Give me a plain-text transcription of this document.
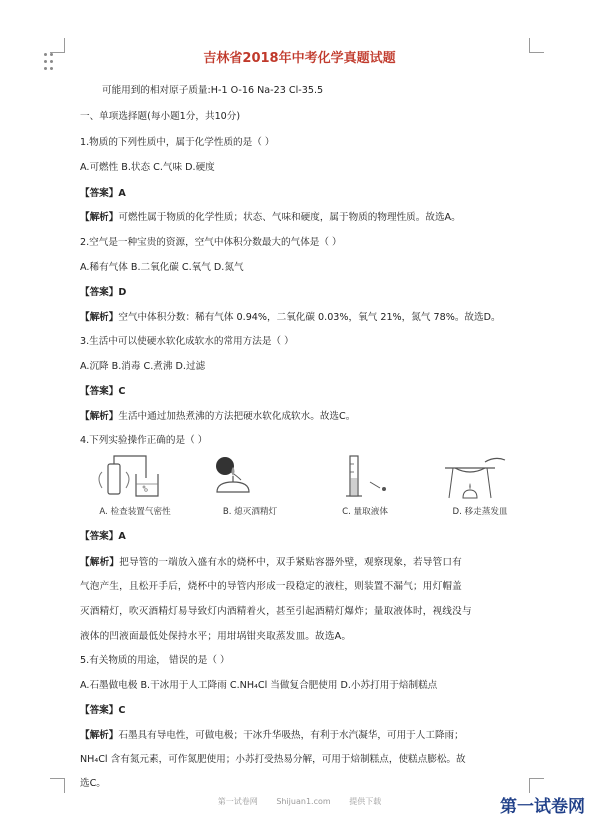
吉林省2018年中考化学真题试题
可能用到的相对原子质量:H-1 O-16 Na-23 Cl-35.5
一、单项选择题(每小题1分，共10分)
1.物质的下列性质中，属于化学性质的是（ ）
A.可燃性 B.状态 C.气味 D.硬度
【答案】A
【解析】可燃性属于物质的化学性质；状态、气味和硬度，属于物质的物理性质。故选A。
2.空气是一种宝贵的资源，空气中体积分数最大的气体是（ ）
A.稀有气体 B.二氧化碳 C.氧气 D.氮气
【答案】D
【解析】空气中体积分数：稀有气体 0.94%，二氧化碳 0.03%，氧气 21%，氮气 78%。故选D。
3.生活中可以使硬水软化成软水的常用方法是（ ）
A.沉降 B.消毒 C.煮沸 D.过滤
【答案】C
【解析】生活中通过加热煮沸的方法把硬水软化成软水。故选C。
4.下列实验操作正确的是（ ）
A. 检查装置气密性	B. 熄灭酒精灯	C. 量取液体	D. 移走蒸发皿
【答案】A
【解析】把导管的一端放入盛有水的烧杯中，双手紧贴容器外壁，观察现象，若导管口有
气泡产生，且松开手后，烧杯中的导管内形成一段稳定的液柱，则装置不漏气；用灯帽盖
灭酒精灯，吹灭酒精灯易导致灯内酒精着火，甚至引起酒精灯爆炸；量取液体时，视线没与
液体的凹液面最低处保持水平；用坩埚钳夹取蒸发皿。故选A。
5.有关物质的用途， 错误的是（ ）
A.石墨做电极 B.干冰用于人工降雨 C.NH₄Cl 当做复合肥使用 D.小苏打用于焙制糕点
【答案】C
【解析】石墨具有导电性，可做电极；干冰升华吸热，有利于水汽凝华，可用于人工降雨；
NH₄Cl 含有氮元素，可作氮肥使用；小苏打受热易分解，可用于焙制糕点，使糕点膨松。故
选C。
第一试卷网 Shijuan1.com 提供下载	第一试卷网
